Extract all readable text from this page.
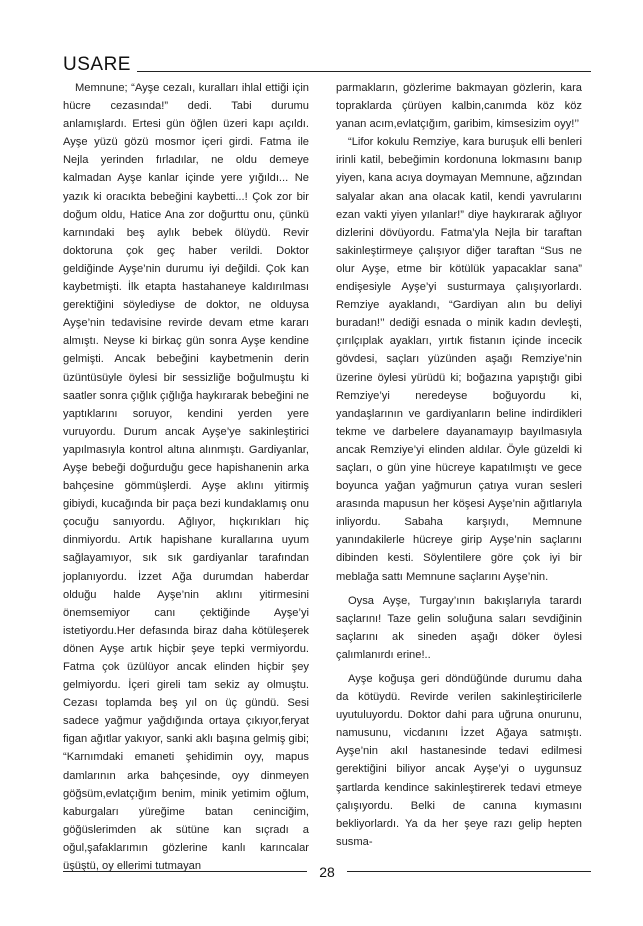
USARE

Memnune; “Ayşe cezalı, kuralları ihlal ettiği için hücre cezasında!” dedi. Tabi durumu anlamışlardı. Ertesi gün öğlen üzeri kapı açıldı. Ayşe yüzü gözü mosmor içeri girdi. Fatma ile Nejla yerinden fırladılar, ne oldu demeye kalmadan Ayşe kanlar içinde yere yığıldı... Ne yazık ki oracıkta bebeğini kaybetti...! Çok zor bir doğum oldu, Hatice Ana zor doğurttu onu, çünkü karnındaki beş aylık bebek ölüydü. Revir doktoruna çok geç haber verildi. Doktor geldiğinde Ayşe’nin durumu iyi değildi. Çok kan kaybetmişti. İlk etapta hastahaneye kaldırılması gerektiğini söylediyse de doktor, ne olduysa Ayşe’nin tedavisine revirde devam etme kararı almıştı. Neyse ki birkaç gün sonra Ayşe kendine gelmişti. Ancak bebeğini kaybetmenin derin üzüntüsüyle öylesi bir sessizliğe boğulmuştu ki saatler sonra çığlık çığlığa haykırarak bebeğini ne yaptıklarını soruyor, kendini yerden yere vuruyordu. Durum ancak Ayşe’ye sakinleştirici yapılmasıyla kontrol altına alınmıştı. Gardiyanlar, Ayşe bebeği doğurduğu gece hapishanenin arka bahçesine gömmüşlerdi. Ayşe aklını yitirmiş gibiydi, kucağında bir paça bezi kundaklamış onu çocuğu sanıyordu. Ağlıyor, hıçkırıkları hiç dinmiyordu. Artık hapishane kurallarına uyum sağlayamıyor, sık sık gardiyanlar tarafından joplanıyordu. İzzet Ağa durumdan haberdar olduğu halde Ayşe’nin aklını yitirmesini önemsemiyor canı çektiğinde Ayşe’yi istetiyordu.Her defasında biraz daha kötüleşerek dönen Ayşe artık hiçbir şeye tepki vermiyordu. Fatma çok üzülüyor ancak elinden hiçbir şey gelmiyordu. İçeri gireli tam sekiz ay olmuştu. Cezası toplamda beş yıl on üç gündü. Sesi sadece yağmur yağdığında ortaya çıkıyor,feryat figan ağıtlar yakıyor, sanki aklı başına gelmiş gibi; “Karnımdaki emaneti şehidimin oyy, mapus damlarının arka bahçesinde, oyy dinmeyen göğsüm,evlatçığım benim, minik yetimim oğlum, kaburgaları yüreğime batan ceninciğim, göğüslerimden ak sütüne kan sıçradı a oğul,şafaklarımın gözlerine kanlı karıncalar üşüştü, oy ellerimi tutmayan

parmakların, gözlerime bakmayan gözlerin, kara topraklarda çürüyen kalbin,canımda köz köz yanan acım,evlatçığım, garibim, kimsesizim oyy!’’

“Lifor kokulu Remziye, kara buruşuk elli benleri irinli katil, bebeğimin kordonuna lokmasını banıp yiyen, kana acıya doymayan Memnune, ağzından salyalar akan ana olacak katil, kendi yavrularını ezan vakti yiyen yılanlar!” diye haykırarak ağlıyor dizlerini dövüyordu. Fatma’yla Nejla bir taraftan sakinleştirmeye çalışıyor diğer taraftan “Sus ne olur Ayşe, etme bir kötülük yapacaklar sana” endişesiyle Ayşe’yi susturmaya çalışıyorlardı. Remziye ayaklandı, “Gardiyan alın bu deliyi buradan!’’ dediği esnada o minik kadın devleşti, çırılçıplak ayakları, yırtık fistanın içinde incecik gövdesi, saçları yüzünden aşağı Remziye’nin üzerine öylesi yürüdü ki; boğazına yapıştığı gibi Remziye’yi neredeyse boğuyordu ki, yandaşlarının ve gardiyanların beline indirdikleri tekme ve darbelere dayanamayıp bayılmasıyla ancak Remziye’yi elinden aldılar. Öyle güzeldi ki saçları, o gün yine hücreye kapatılmıştı ve gece boyunca yağan yağmurun çatıya vuran sesleri arasında mapusun her köşesi Ayşe’nin ağıtlarıyla inliyordu. Sabaha karşıydı, Memnune yanındakilerle hücreye girip Ayşe’nin saçlarını dibinden kesti. Söylentilere göre çok iyi bir meblağa sattı Memnune saçlarını Ayşe’nin.

Oysa Ayşe, Turgay’ının bakışlarıyla tarardı saçlarını! Taze gelin soluğuna saları sevdiğinin saçlarını ak sineden aşağı döker öylesi çalımlanırdı erine!..

Ayşe koğuşa geri döndüğünde durumu daha da kötüydü. Revirde verilen sakinleştiricilerle uyutuluyordu. Doktor dahi para uğruna onurunu, namusunu, vicdanını İzzet Ağaya satmıştı. Ayşe’nin akıl hastanesinde tedavi edilmesi gerektiğini biliyor ancak Ayşe’yi o uygunsuz şartlarda kendince sakinleştirerek tedavi etmeye çalışıyordu. Belki de canına kıymasını bekliyorlardı. Ya da her şeye razı gelip hepten susma-

28
